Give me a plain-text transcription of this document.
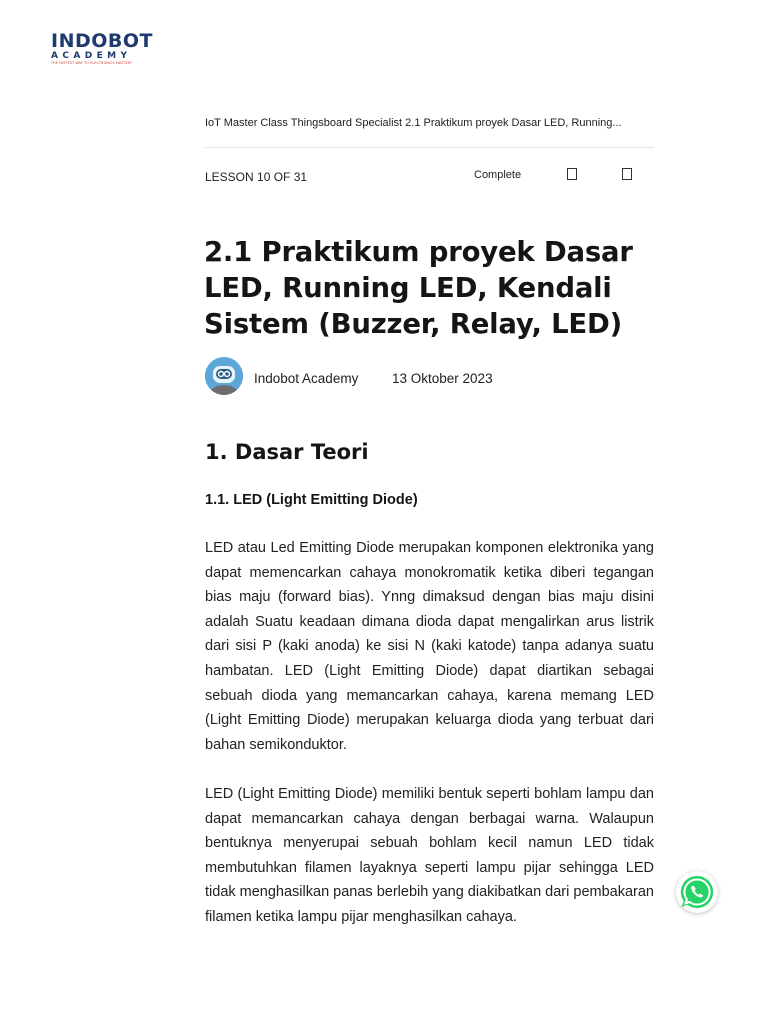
INDOBOT
ACADEMY
THE FASTEST WAY TO ELECTRONICS MASTERY
IoT Master Class Thingsboard Specialist 2.1 Praktikum proyek Dasar LED, Running...
LESSON 10 OF 31	Complete
2.1 Praktikum proyek Dasar LED, Running LED, Kendali Sistem (Buzzer, Relay, LED)
Indobot Academy 13 Oktober 2023
1. Dasar Teori
1.1. LED (Light Emitting Diode)

LED atau Led Emitting Diode merupakan komponen elektronika yang dapat memencarkan cahaya monokromatik ketika diberi tegangan bias maju (forward bias). Ynng dimaksud dengan bias maju disini adalah Suatu keadaan dimana dioda dapat mengalirkan arus listrik dari sisi P (kaki anoda) ke sisi N (kaki katode) tanpa adanya suatu hambatan. LED (Light Emitting Diode) dapat diartikan sebagai sebuah dioda yang memancarkan cahaya, karena memang LED (Light Emitting Diode) merupakan keluarga dioda yang terbuat dari bahan semikonduktor.

LED (Light Emitting Diode) memiliki bentuk seperti bohlam lampu dan dapat memancarkan cahaya dengan berbagai warna. Walaupun bentuknya menyerupai sebuah bohlam kecil namun LED tidak membutuhkan filamen layaknya seperti lampu pijar sehingga LED tidak menghasilkan panas berlebih yang diakibatkan dari pembakaran filamen ketika lampu pijar menghasilkan cahaya.
